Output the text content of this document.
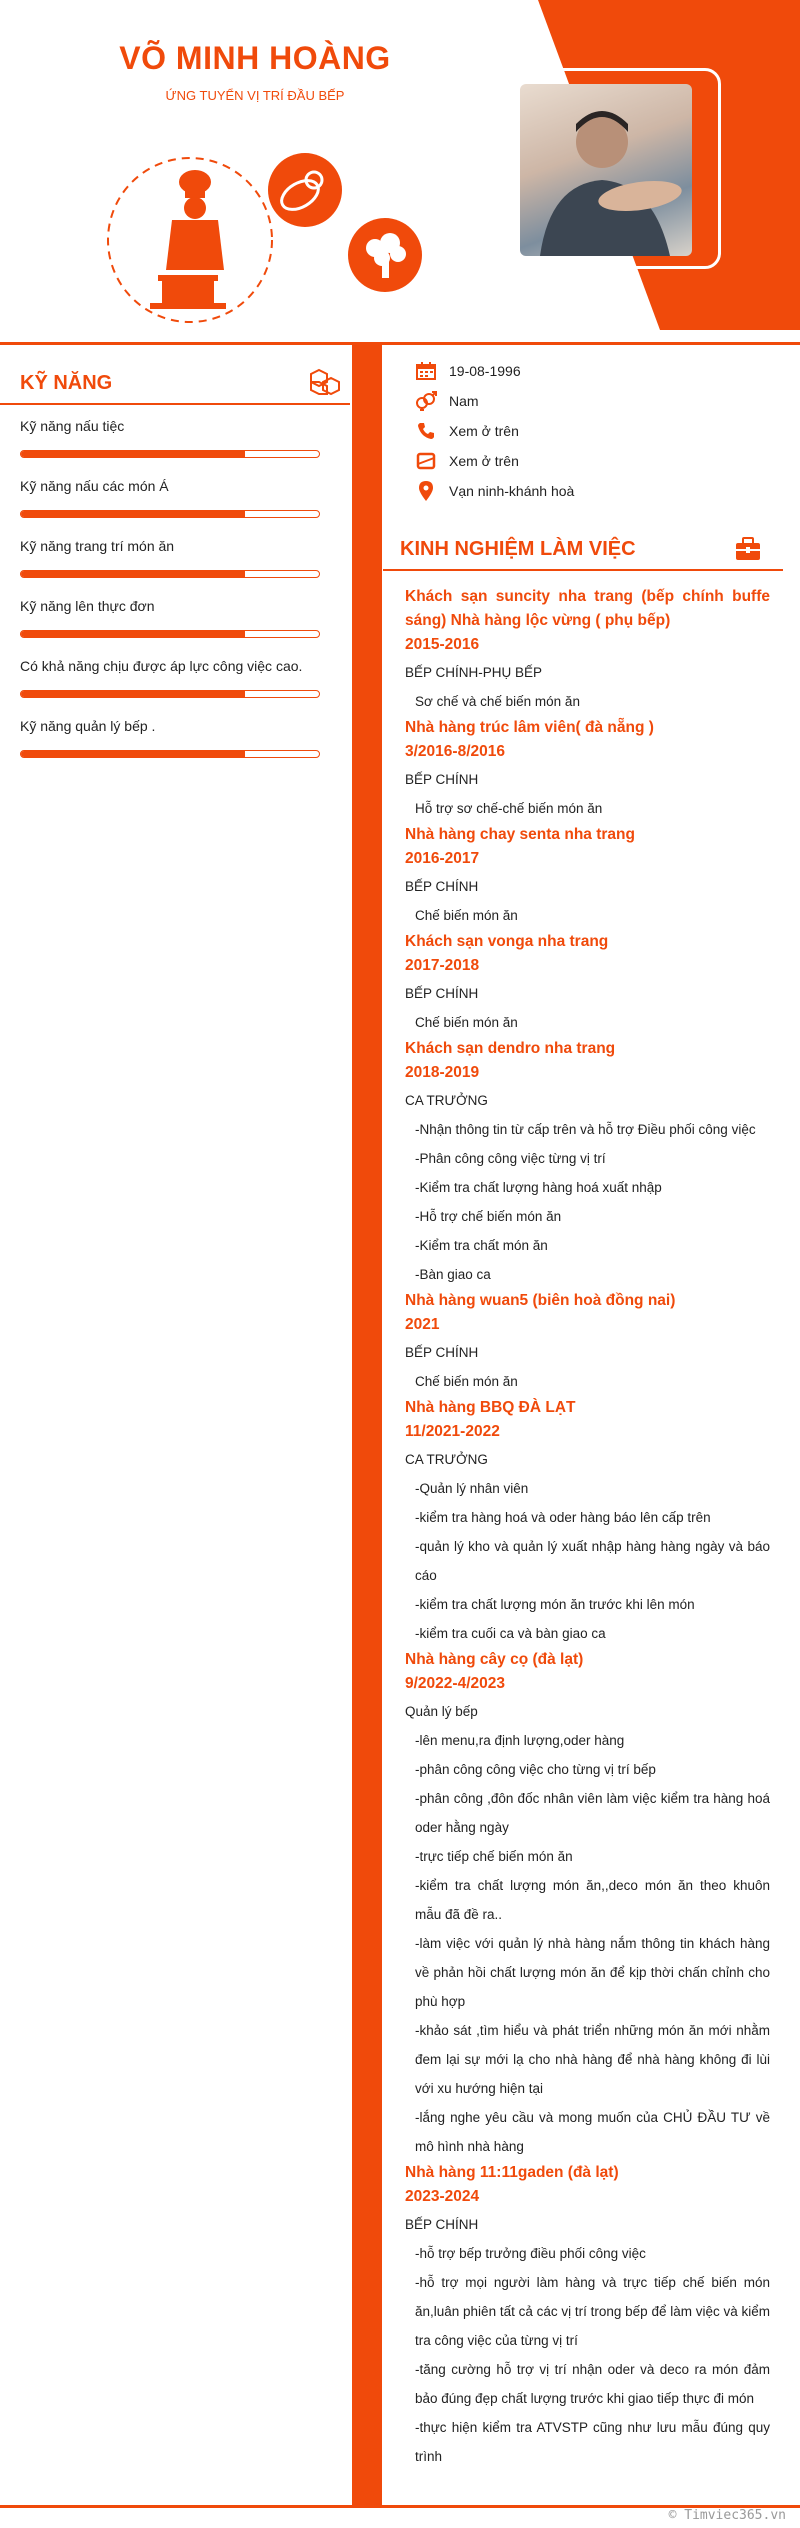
VÕ MINH HOÀNG
ỨNG TUYỂN VỊ TRÍ ĐẦU BẾP
KỸ NĂNG
Kỹ năng nấu tiệc
Kỹ năng nấu các món Á
Kỹ năng trang trí món ăn
Kỹ năng lên thực đơn
Có khả năng chịu được áp lực công việc cao.
Kỹ năng quản lý bếp .
19-08-1996
Nam
Xem ở trên
Xem ở trên
Vạn ninh-khánh hoà
KINH NGHIỆM LÀM VIỆC
Khách sạn suncity nha trang (bếp chính buffe sáng) Nhà hàng lộc vừng ( phụ bếp)
2015-2016
BẾP CHÍNH-PHỤ BẾP
Sơ chế và chế biến món ăn
Nhà hàng trúc lâm viên( đà nẵng )
3/2016-8/2016
BẾP CHÍNH
Hỗ trợ sơ chế-chế biến món ăn
Nhà hàng chay senta nha trang
2016-2017
BẾP CHÍNH
Chế biến món ăn
Khách sạn vonga nha trang
2017-2018
BẾP CHÍNH
Chế biến món ăn
Khách sạn dendro nha trang
2018-2019
CA TRƯỞNG
-Nhận thông tin từ cấp trên và hỗ trợ Điều phối công việc
-Phân công công việc từng vị trí
-Kiểm tra chất lượng hàng hoá xuất nhập
-Hỗ trợ chế biến món ăn
-Kiểm tra chất món ăn
-Bàn giao ca
Nhà hàng wuan5 (biên hoà đồng nai)
2021
BẾP CHÍNH
Chế biến món ăn
Nhà hàng BBQ ĐÀ LẠT
11/2021-2022
CA TRƯỞNG
-Quản lý nhân viên
-kiểm tra hàng hoá và oder hàng báo lên cấp trên
-quản lý kho và quản lý xuất nhập hàng hàng ngày và báo cáo
-kiểm tra chất lượng món ăn trước khi lên món
-kiểm tra cuối ca và bàn giao ca
Nhà hàng cây cọ (đà lạt)
9/2022-4/2023
Quản lý bếp
-lên menu,ra định lượng,oder hàng
-phân công công việc cho từng vị trí bếp
-phân công ,đôn đốc nhân viên làm việc kiểm tra hàng hoá oder hằng ngày
-trực tiếp chế biến món ăn
-kiểm tra chất lượng món ăn,,deco món ăn theo khuôn mẫu đã đề ra..
-làm việc với quản lý nhà hàng nắm thông tin khách hàng về phản hồi chất lượng món ăn để kịp thời chấn chỉnh cho phù hợp
-khảo sát ,tìm hiểu và phát triển những món ăn mới nhằm đem lại sự mới lạ cho nhà hàng để nhà hàng không đi lùi với xu hướng hiện tại
-lắng nghe yêu cầu và mong muốn của CHỦ ĐẦU TƯ về mô hình nhà hàng
Nhà hàng 11:11gaden (đà lạt)
2023-2024
BẾP CHÍNH
-hỗ trợ bếp trưởng điều phối công việc
-hỗ trợ mọi người làm hàng và trực tiếp chế biến món ăn,luân phiên tất cả các vị trí trong bếp để làm việc và kiểm tra công việc của từng vị trí
-tăng cường hỗ trợ vị trí nhận oder và deco ra món đảm bảo đúng đẹp chất lượng trước khi giao tiếp thực đi món
-thực hiện kiểm tra ATVSTP cũng như lưu mẫu đúng quy trình
© Timviec365.vn
